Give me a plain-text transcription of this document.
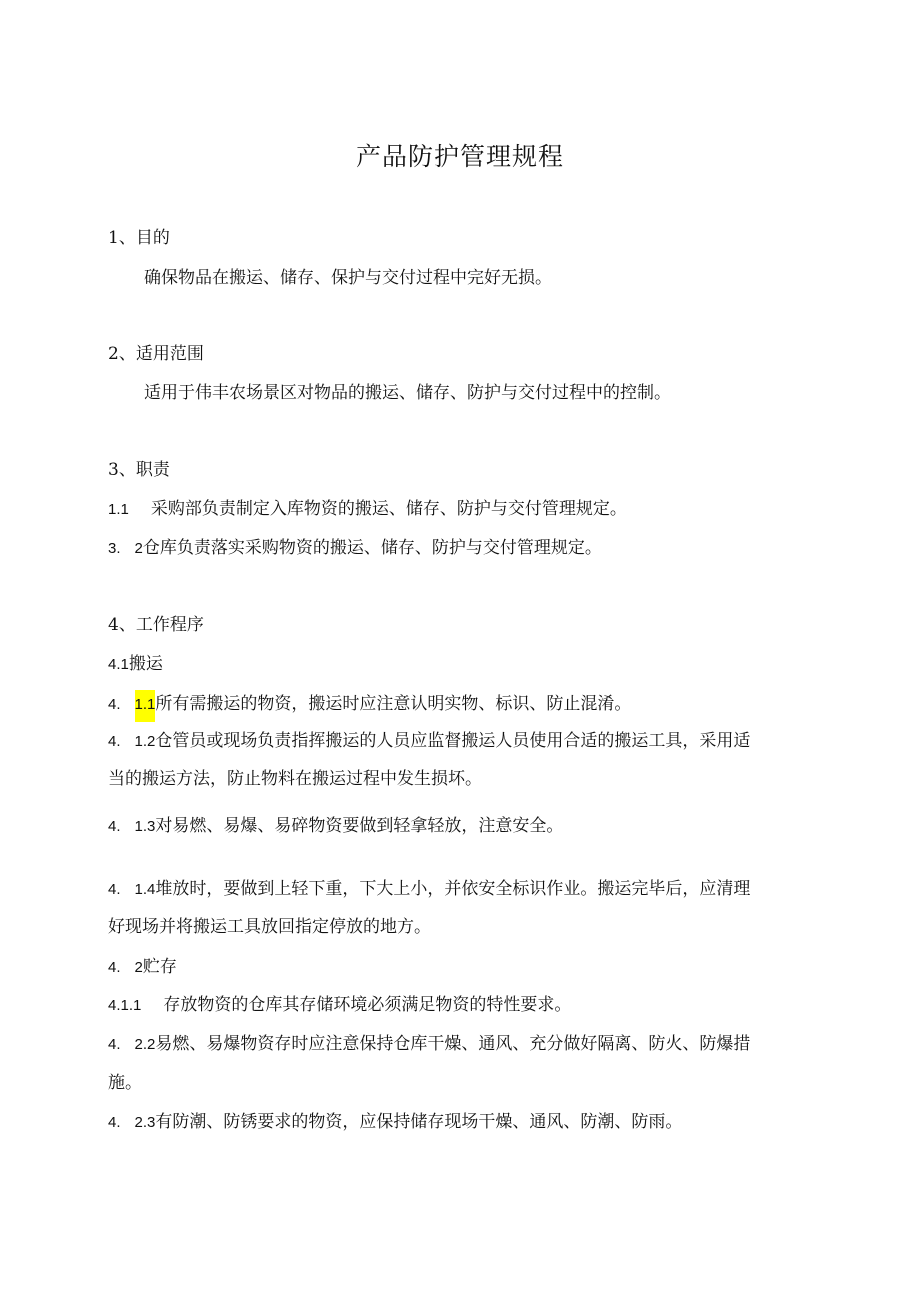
产品防护管理规程
1、目的
确保物品在搬运、储存、保护与交付过程中完好无损。
2、适用范围
适用于伟丰农场景区对物品的搬运、储存、防护与交付过程中的控制。
3、职责
1.1 采购部负责制定入库物资的搬运、储存、防护与交付管理规定。
3. 2仓库负责落实采购物资的搬运、储存、防护与交付管理规定。
4、工作程序
4.1搬运
4. 1.1所有需搬运的物资，搬运时应注意认明实物、标识、防止混淆。
4. 1.2仓管员或现场负责指挥搬运的人员应监督搬运人员使用合适的搬运工具，采用适
当的搬运方法，防止物料在搬运过程中发生损坏。
4. 1.3对易燃、易爆、易碎物资要做到轻拿轻放，注意安全。
4. 1.4堆放时，要做到上轻下重，下大上小，并依安全标识作业。搬运完毕后，应清理
好现场并将搬运工具放回指定停放的地方。
4. 2贮存
4.1.1 存放物资的仓库其存储环境必须满足物资的特性要求。
4. 2.2易燃、易爆物资存时应注意保持仓库干燥、通风、充分做好隔离、防火、防爆措
施。
4. 2.3有防潮、防锈要求的物资，应保持储存现场干燥、通风、防潮、防雨。
